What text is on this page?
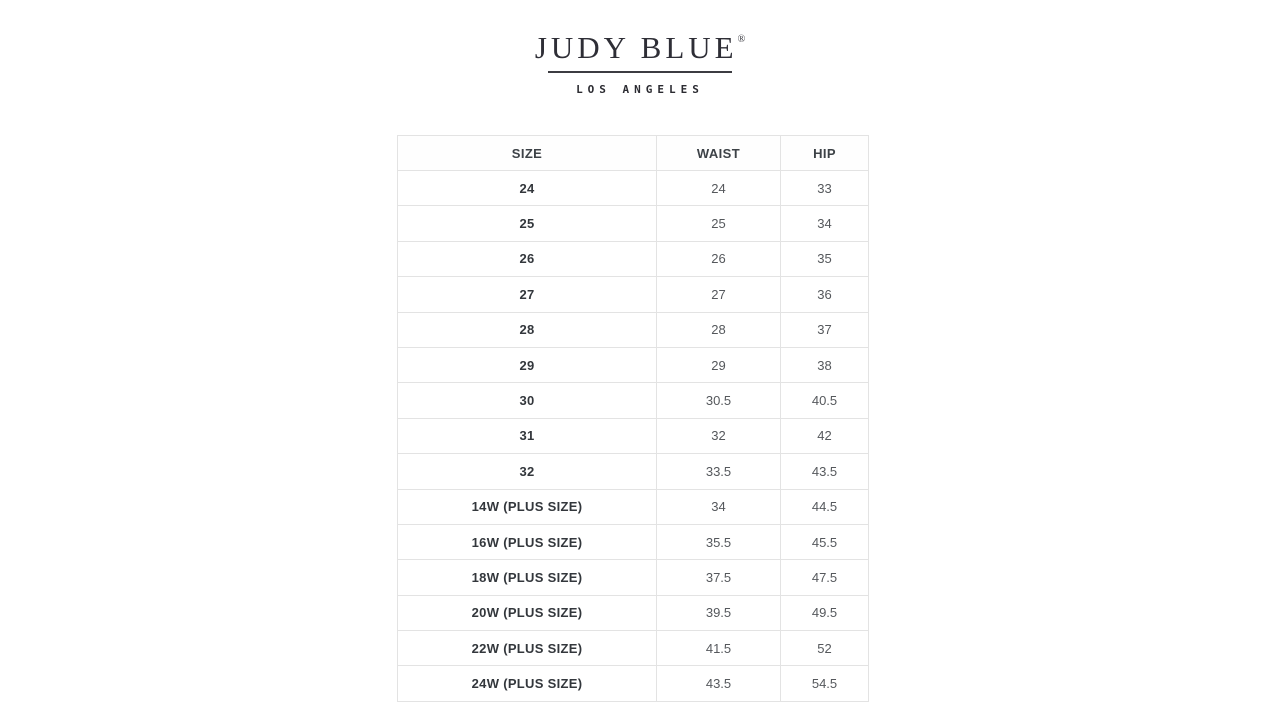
JUDY BLUE®
LOS ANGELES
SIZE	WAIST	HIP
24	24	33
25	25	34
26	26	35
27	27	36
28	28	37
29	29	38
30	30.5	40.5
31	32	42
32	33.5	43.5
14W (PLUS SIZE)	34	44.5
16W (PLUS SIZE)	35.5	45.5
18W (PLUS SIZE)	37.5	47.5
20W (PLUS SIZE)	39.5	49.5
22W (PLUS SIZE)	41.5	52
24W (PLUS SIZE)	43.5	54.5
